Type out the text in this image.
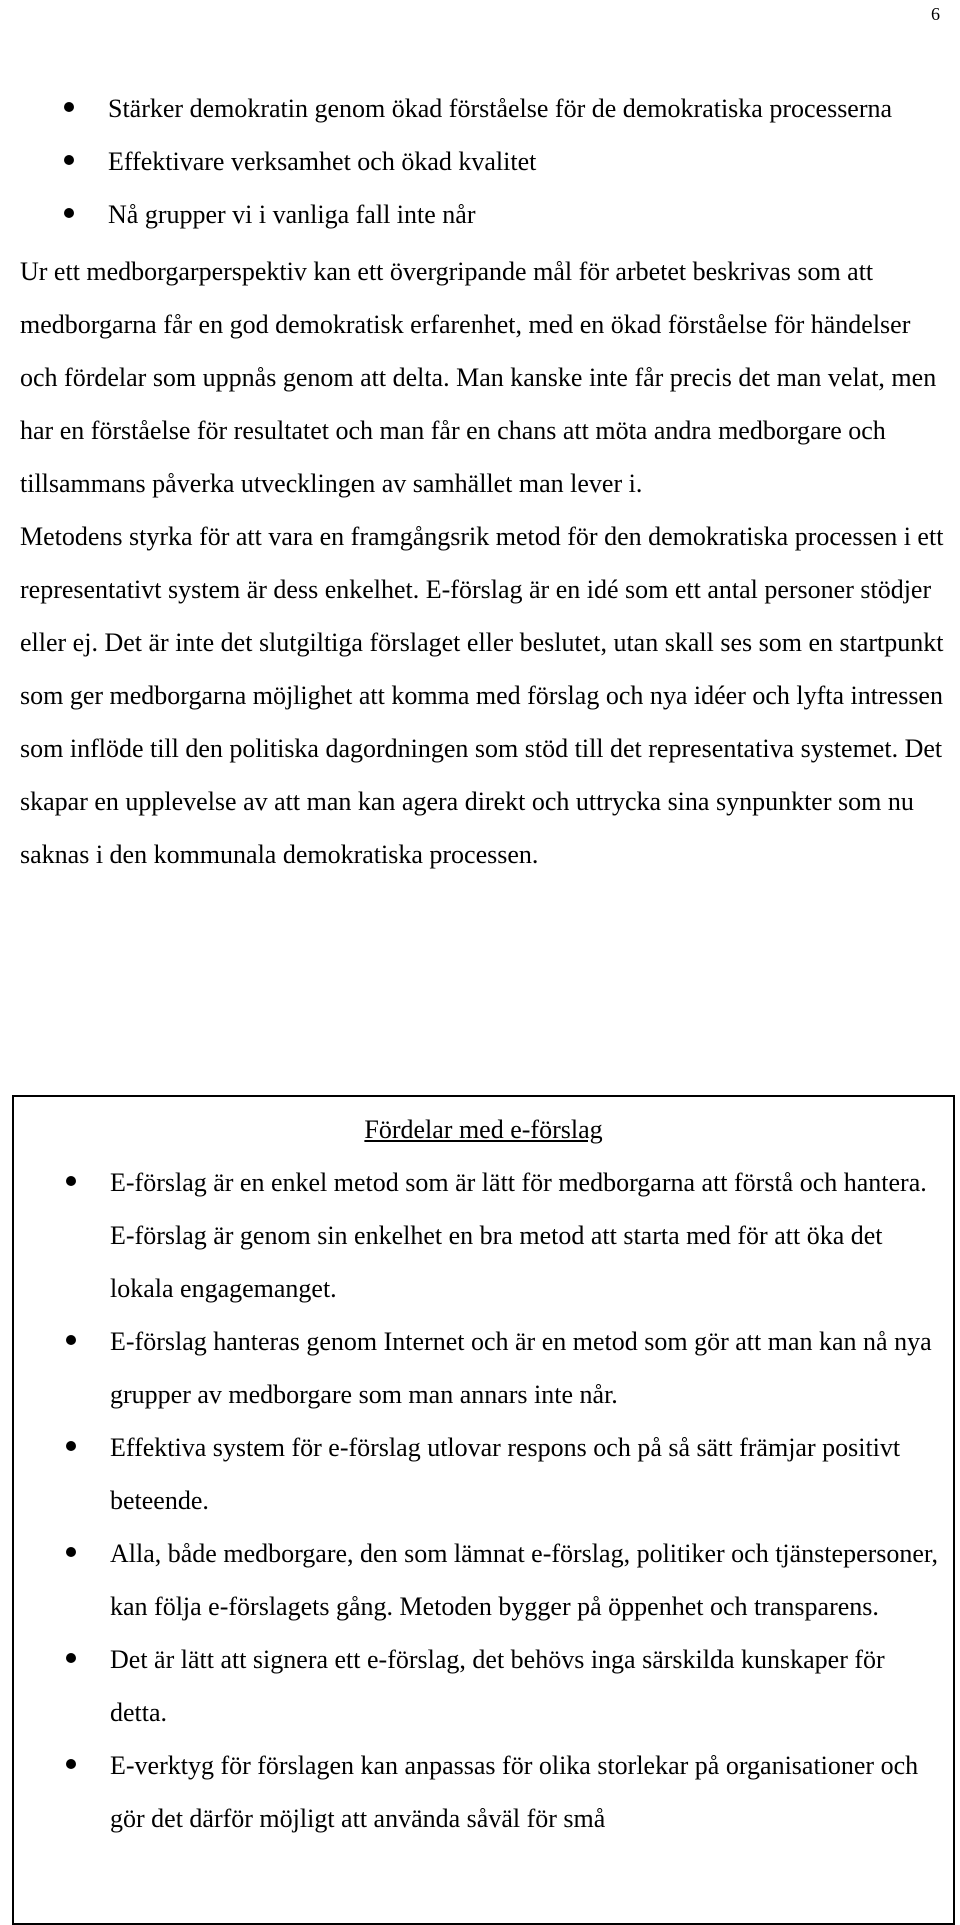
6
Stärker demokratin genom ökad förståelse för de demokratiska processerna
Effektivare verksamhet och ökad kvalitet
Nå grupper vi i vanliga fall inte når
Ur ett medborgarperspektiv kan ett övergripande mål för arbetet beskrivas som att medborgarna får en god demokratisk erfarenhet, med en ökad förståelse för händelser och fördelar som uppnås genom att delta. Man kanske inte får precis det man velat, men har en förståelse för resultatet och man får en chans att möta andra medborgare och tillsammans påverka utvecklingen av samhället man lever i.
Metodens styrka för att vara en framgångsrik metod för den demokratiska processen i ett representativt system är dess enkelhet. E-förslag är en idé som ett antal personer stödjer eller ej. Det är inte det slutgiltiga förslaget eller beslutet, utan skall ses som en startpunkt som ger medborgarna möjlighet att komma med förslag och nya idéer och lyfta intressen som inflöde till den politiska dagordningen som stöd till det representativa systemet. Det skapar en upplevelse av att man kan agera direkt och uttrycka sina synpunkter som nu saknas i den kommunala demokratiska processen.
Fördelar med e-förslag
E-förslag är en enkel metod som är lätt för medborgarna att förstå och hantera. E-förslag är genom sin enkelhet en bra metod att starta med för att öka det lokala engagemanget.
E-förslag hanteras genom Internet och är en metod som gör att man kan nå nya grupper av medborgare som man annars inte når.
Effektiva system för e-förslag utlovar respons och på så sätt främjar positivt beteende.
Alla, både medborgare, den som lämnat e-förslag, politiker och tjänstepersoner, kan följa e-förslagets gång. Metoden bygger på öppenhet och transparens.
Det är lätt att signera ett e-förslag, det behövs inga särskilda kunskaper för detta.
E-verktyg för förslagen kan anpassas för olika storlekar på organisationer och gör det därför möjligt att använda såväl för små
